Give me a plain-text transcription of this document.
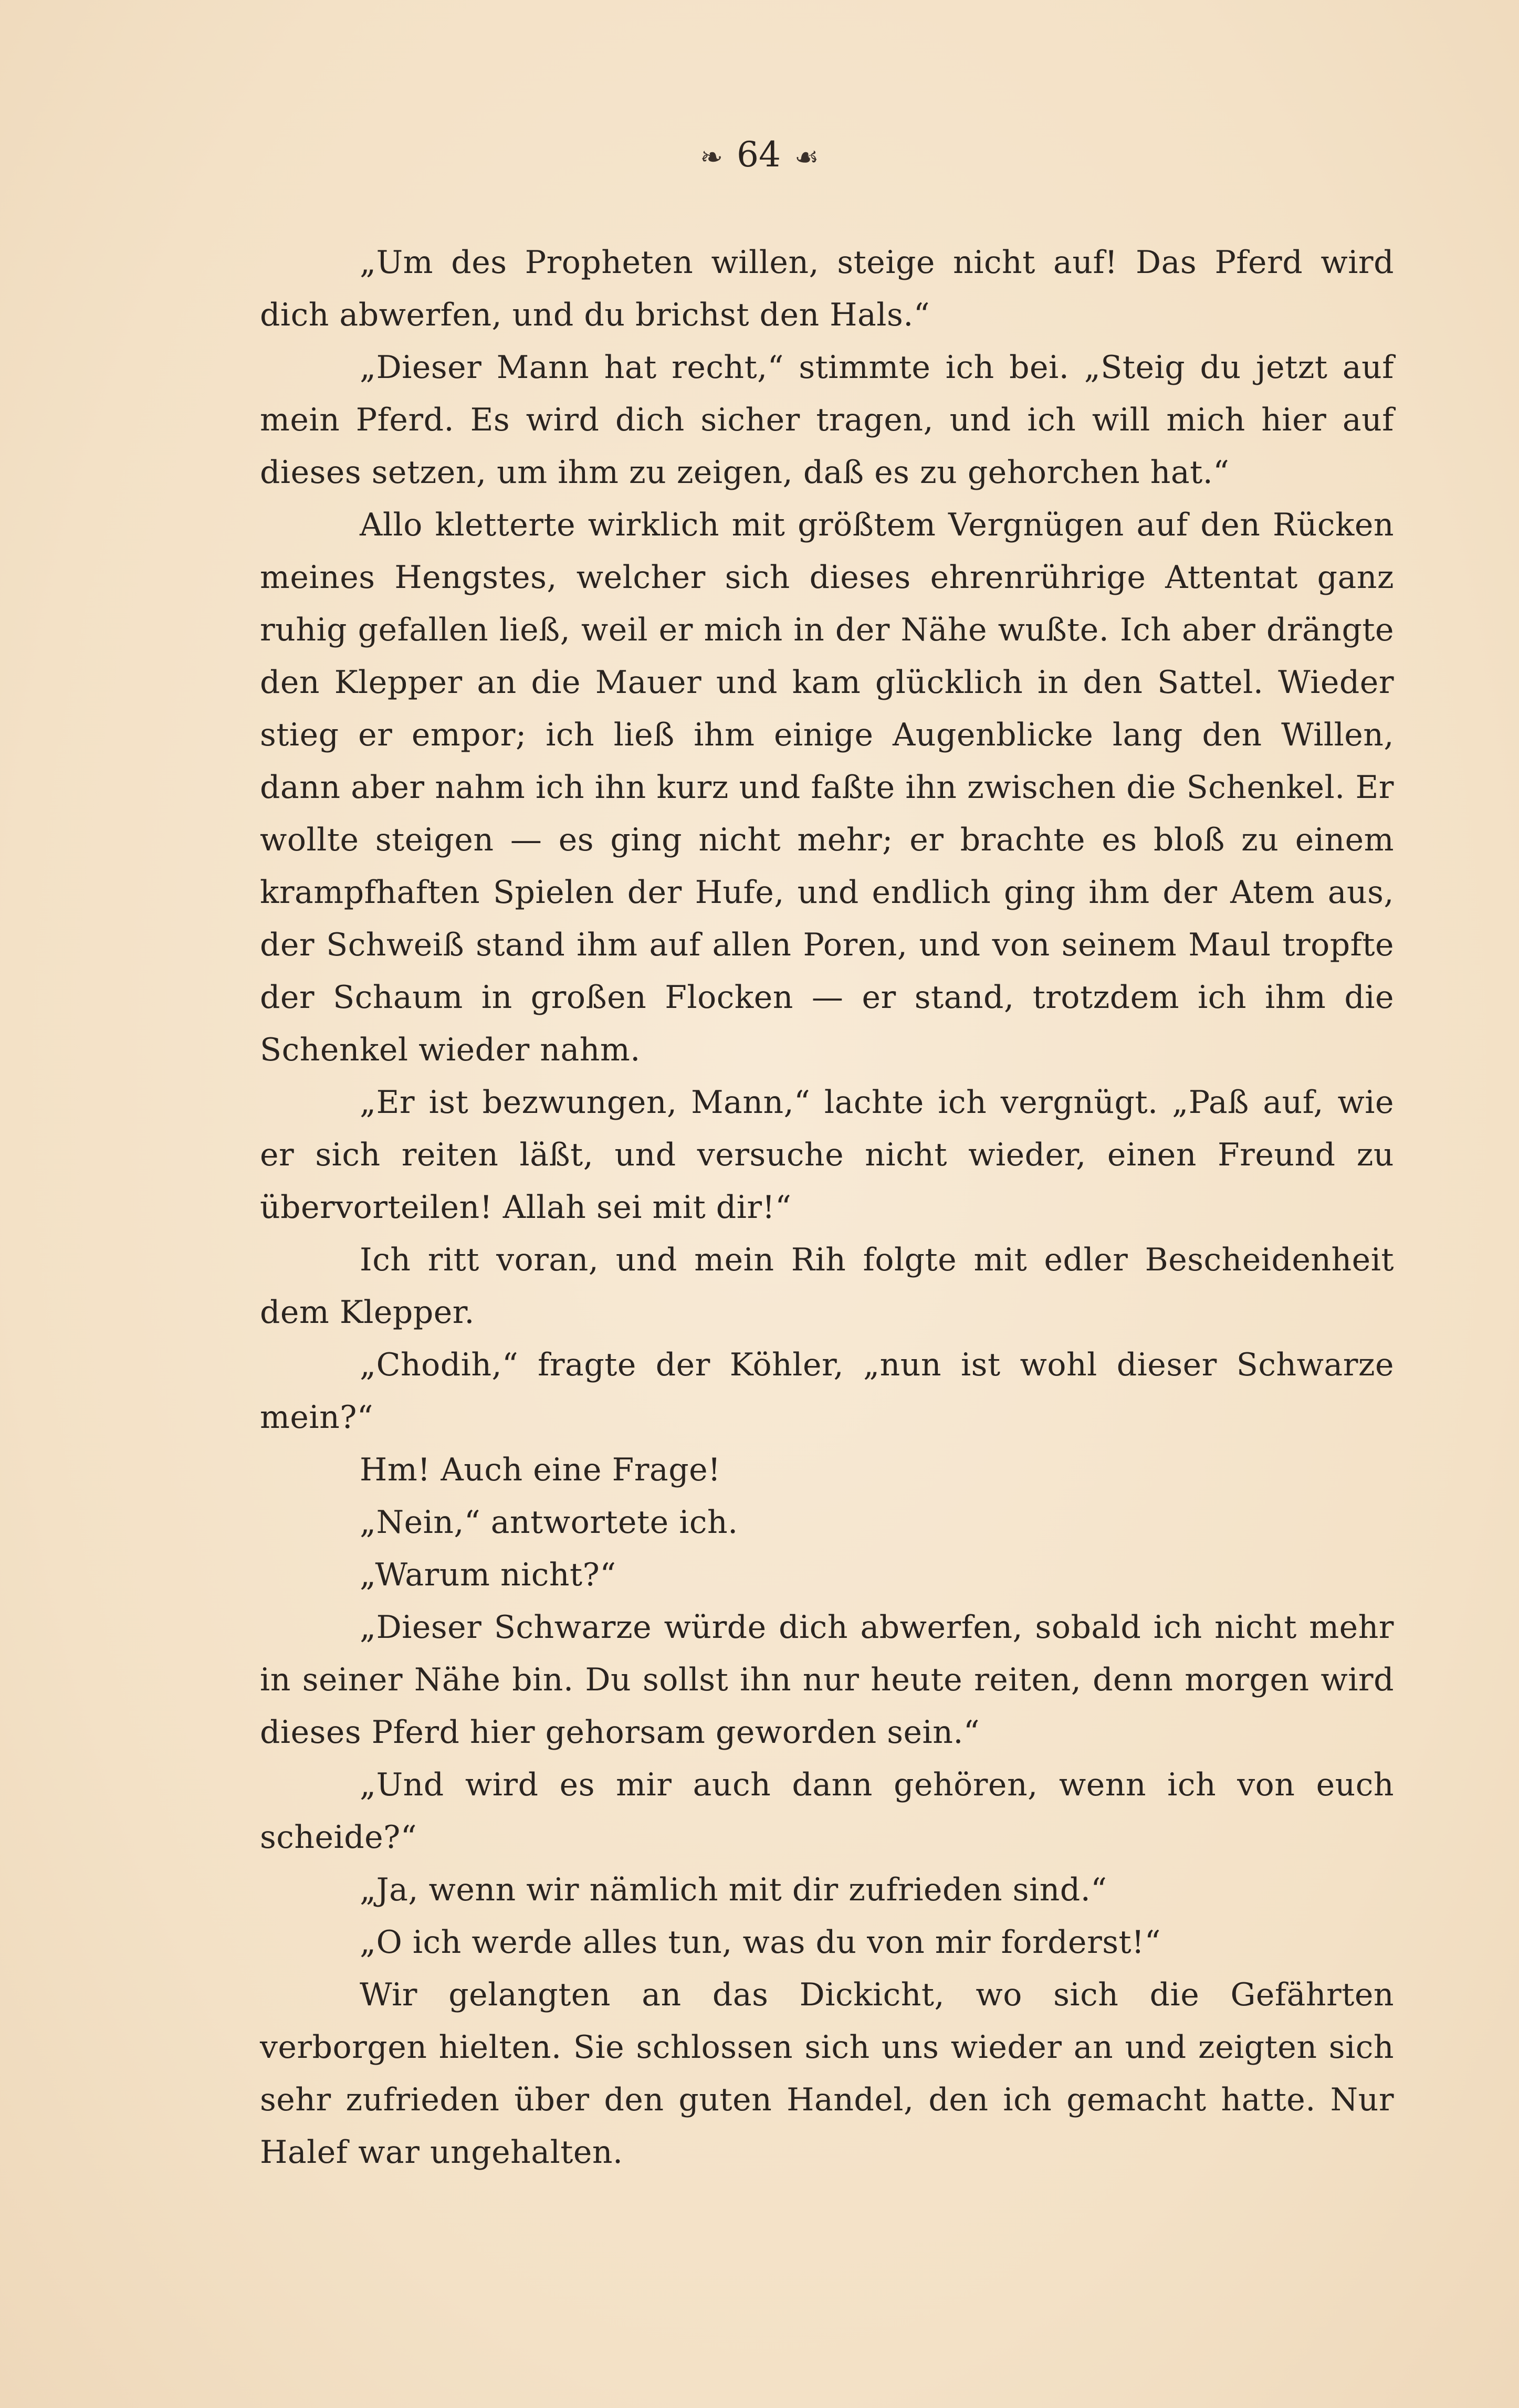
❧ 64 ☙

„Um des Propheten willen, steige nicht auf! Das Pferd wird dich abwerfen, und du brichst den Hals.“

„Dieser Mann hat recht,“ stimmte ich bei. „Steig du jetzt auf mein Pferd. Es wird dich sicher tragen, und ich will mich hier auf dieses setzen, um ihm zu zeigen, daß es zu gehorchen hat.“

Allo kletterte wirklich mit größtem Vergnügen auf den Rücken meines Hengstes, welcher sich dieses ehrenrührige Attentat ganz ruhig gefallen ließ, weil er mich in der Nähe wußte. Ich aber drängte den Klepper an die Mauer und kam glücklich in den Sattel. Wieder stieg er empor; ich ließ ihm einige Augenblicke lang den Willen, dann aber nahm ich ihn kurz und faßte ihn zwischen die Schenkel. Er wollte steigen — es ging nicht mehr; er brachte es bloß zu einem krampfhaften Spielen der Hufe, und endlich ging ihm der Atem aus, der Schweiß stand ihm auf allen Poren, und von seinem Maul tropfte der Schaum in großen Flocken — er stand, trotzdem ich ihm die Schenkel wieder nahm.

„Er ist bezwungen, Mann,“ lachte ich vergnügt. „Paß auf, wie er sich reiten läßt, und versuche nicht wieder, einen Freund zu übervorteilen! Allah sei mit dir!“

Ich ritt voran, und mein Rih folgte mit edler Bescheidenheit dem Klepper.

„Chodih,“ fragte der Köhler, „nun ist wohl dieser Schwarze mein?“

Hm! Auch eine Frage!

„Nein,“ antwortete ich.

„Warum nicht?“

„Dieser Schwarze würde dich abwerfen, sobald ich nicht mehr in seiner Nähe bin. Du sollst ihn nur heute reiten, denn morgen wird dieses Pferd hier gehorsam geworden sein.“

„Und wird es mir auch dann gehören, wenn ich von euch scheide?“

„Ja, wenn wir nämlich mit dir zufrieden sind.“

„O ich werde alles tun, was du von mir forderst!“

Wir gelangten an das Dickicht, wo sich die Gefährten verborgen hielten. Sie schlossen sich uns wieder an und zeigten sich sehr zufrieden über den guten Handel, den ich gemacht hatte. Nur Halef war ungehalten.
